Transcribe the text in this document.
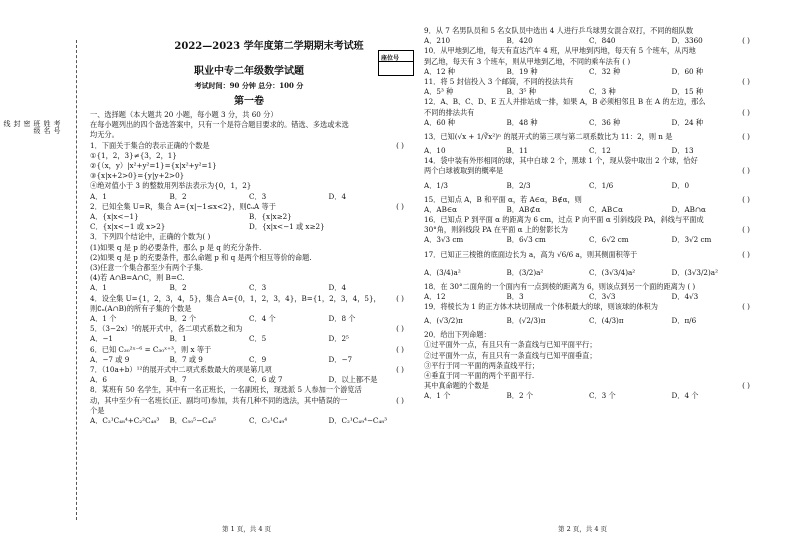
考号
姓名
班级
密
封
线
座位号
2022—2023 学年度第二学期期末考试班
职业中专二年级数学试题
考试时间：90 分钟 总分：100 分
第一卷
一、选择题（本大题共 20 小题，每小题 3 分，共 60 分）
在每小题列出的四个备选答案中，只有一个是符合题目要求的。错选、多选或未选
均无分。
1．下面关于集合的表示正确的个数是	( )
①{1，2，3}≠{3，2，1}
②{（x，y）|x²+y²=1}={x|x²+y²=1}
③{x|x+2>0}={y|y+2>0}
④绝对值小于 3 的整数用列举法表示为{0，1，2}
A．1	B．2	C．3	D．4
2．已知全集 U=R，集合 A={x|−1≤x<2}，则∁ᵤA 等于	( )
A．{x|x<−1}	B．{x|x≥2}
C．{x|x<−1 或 x>2}	D．{x|x<−1 或 x≥2}
3．下列四个结论中，正确的个数为( )
(1)如果 q 是 p 的必要条件，那么 p 是 q 的充分条件.
(2)如果 q 是 p 的充要条件，那么命题 p 和 q 是两个相互等价的命题.
(3)任意一个集合都至少有两个子集.
(4)若 A∩B=A∩C，则 B=C.
A．1	B．2	C．3	D．4
4．设全集 U={1，2，3，4，5}，集合 A={0，1，2，3，4}，B={1，2，3，4，5}， ( )
则∁ᵤ(A∩B)的所有子集的个数是
A．1 个	B．2 个	C．4 个	D．8 个
5．（3−2x）⁵的展开式中，各二项式系数之和为	( )
A．−1	B．1	C．5	D．2⁵
6．已知 C₃₀²ˣ⁻⁶ = C₃₀ˣ⁺³，则 x 等于	( )
A．−7 或 9	B．7 或 9	C．9	D．−7
7．（10a+b）¹²的展开式中二项式系数最大的项是第几项	( )
A．6	B．7	C．6 或 7	D．以上都不是
8．某班有 50 名学生，其中有一名正班长，一名副班长，现选派 5 人参加一个游览活
动，其中至少有一名班长(正、副均可)参加，共有几种不同的选法，其中错误的一	( )
个是
A．C₂¹C₄₈⁴+C₂²C₄₈³	B．C₅₀⁵−C₄₈⁵	C．C₂¹C₄₉⁴	D．C₂¹C₄₉⁴−C₄₈³
9．从 7 名男队员和 5 名女队员中选出 4 人进行乒乓球男女混合双打，不同的组队数
( )
A．210	B．420	C．840	D．3360
10．从甲地到乙地，每天有直达汽车 4 班，从甲地到丙地，每天有 5 个班车，从丙地
到乙地，每天有 3 个班车，则从甲地到乙地，不同的乘车法有 ( )
A．12 种	B．19 种	C．32 种	D．60 种
11．将 5 封信投入 3 个邮筒，不同的投法共有	( )
A．5³ 种	B．3⁵ 种	C．3 种	D．15 种
12．A、B、C、D、E 五人并排站成一排，如果 A，B 必须相邻且 B 在 A 的左边，那么
不同的排法共有	( )
A．60 种	B．48 种	C．36 种	D．24 种
13．已知(√x + 1/∛x²)ⁿ 的展开式的第三项与第二项系数比为 11：2，则 n 是	( )
A．10	B．11	C．12	D．13
14．袋中装有外形相同的球，其中白球 2 个，黑球 1 个，现从袋中取出 2 个球，恰好
两个白球被取到的概率是	( )
A．1/3	B．2/3	C．1/6	D．0
15．已知点 A，B 和平面 α，若 A∈α，B∉α，则	( )
A．AB∈α	B．AB⊄α	C．AB⊂α	D．AB∩α
16．已知点 P 到平面 α 的距离为 6 cm，过点 P 向平面 α 引斜线段 PA，斜线与平面成
30°角，则斜线段 PA 在平面 α 上的射影长为	( )
A．3√3 cm	B．6√3 cm	C．6√2 cm	D．3√2 cm
17．已知正三棱锥的底面边长为 a，高为 √6/6 a，则其侧面积等于	( )
A．(3/4)a²	B．(3/2)a²	C．(3√3/4)a²	D．(3√3/2)a²
18．在 30°二面角的一个面内有一点到棱的距离为 6，则该点到另一个面的距离为 ( )
A．12	B．3	C．3√3	D．4√3
19．将棱长为 1 的正方体木块切削成一个体积最大的球，则该球的体积为	( )
A．(√3/2)π	B．(√2/3)π	C．(4/3)π	D．π/6
20．给出下列命题：
①过平面外一点，有且只有一条直线与已知平面平行；
②过平面外一点，有且只有一条直线与已知平面垂直；
③平行于同一平面的两条直线平行；
④垂直于同一平面的两个平面平行.
其中真命题的个数是	( )
A．1 个	B．2 个	C．3 个	D．4 个
第 1 页，共 4 页	第 2 页，共 4 页
